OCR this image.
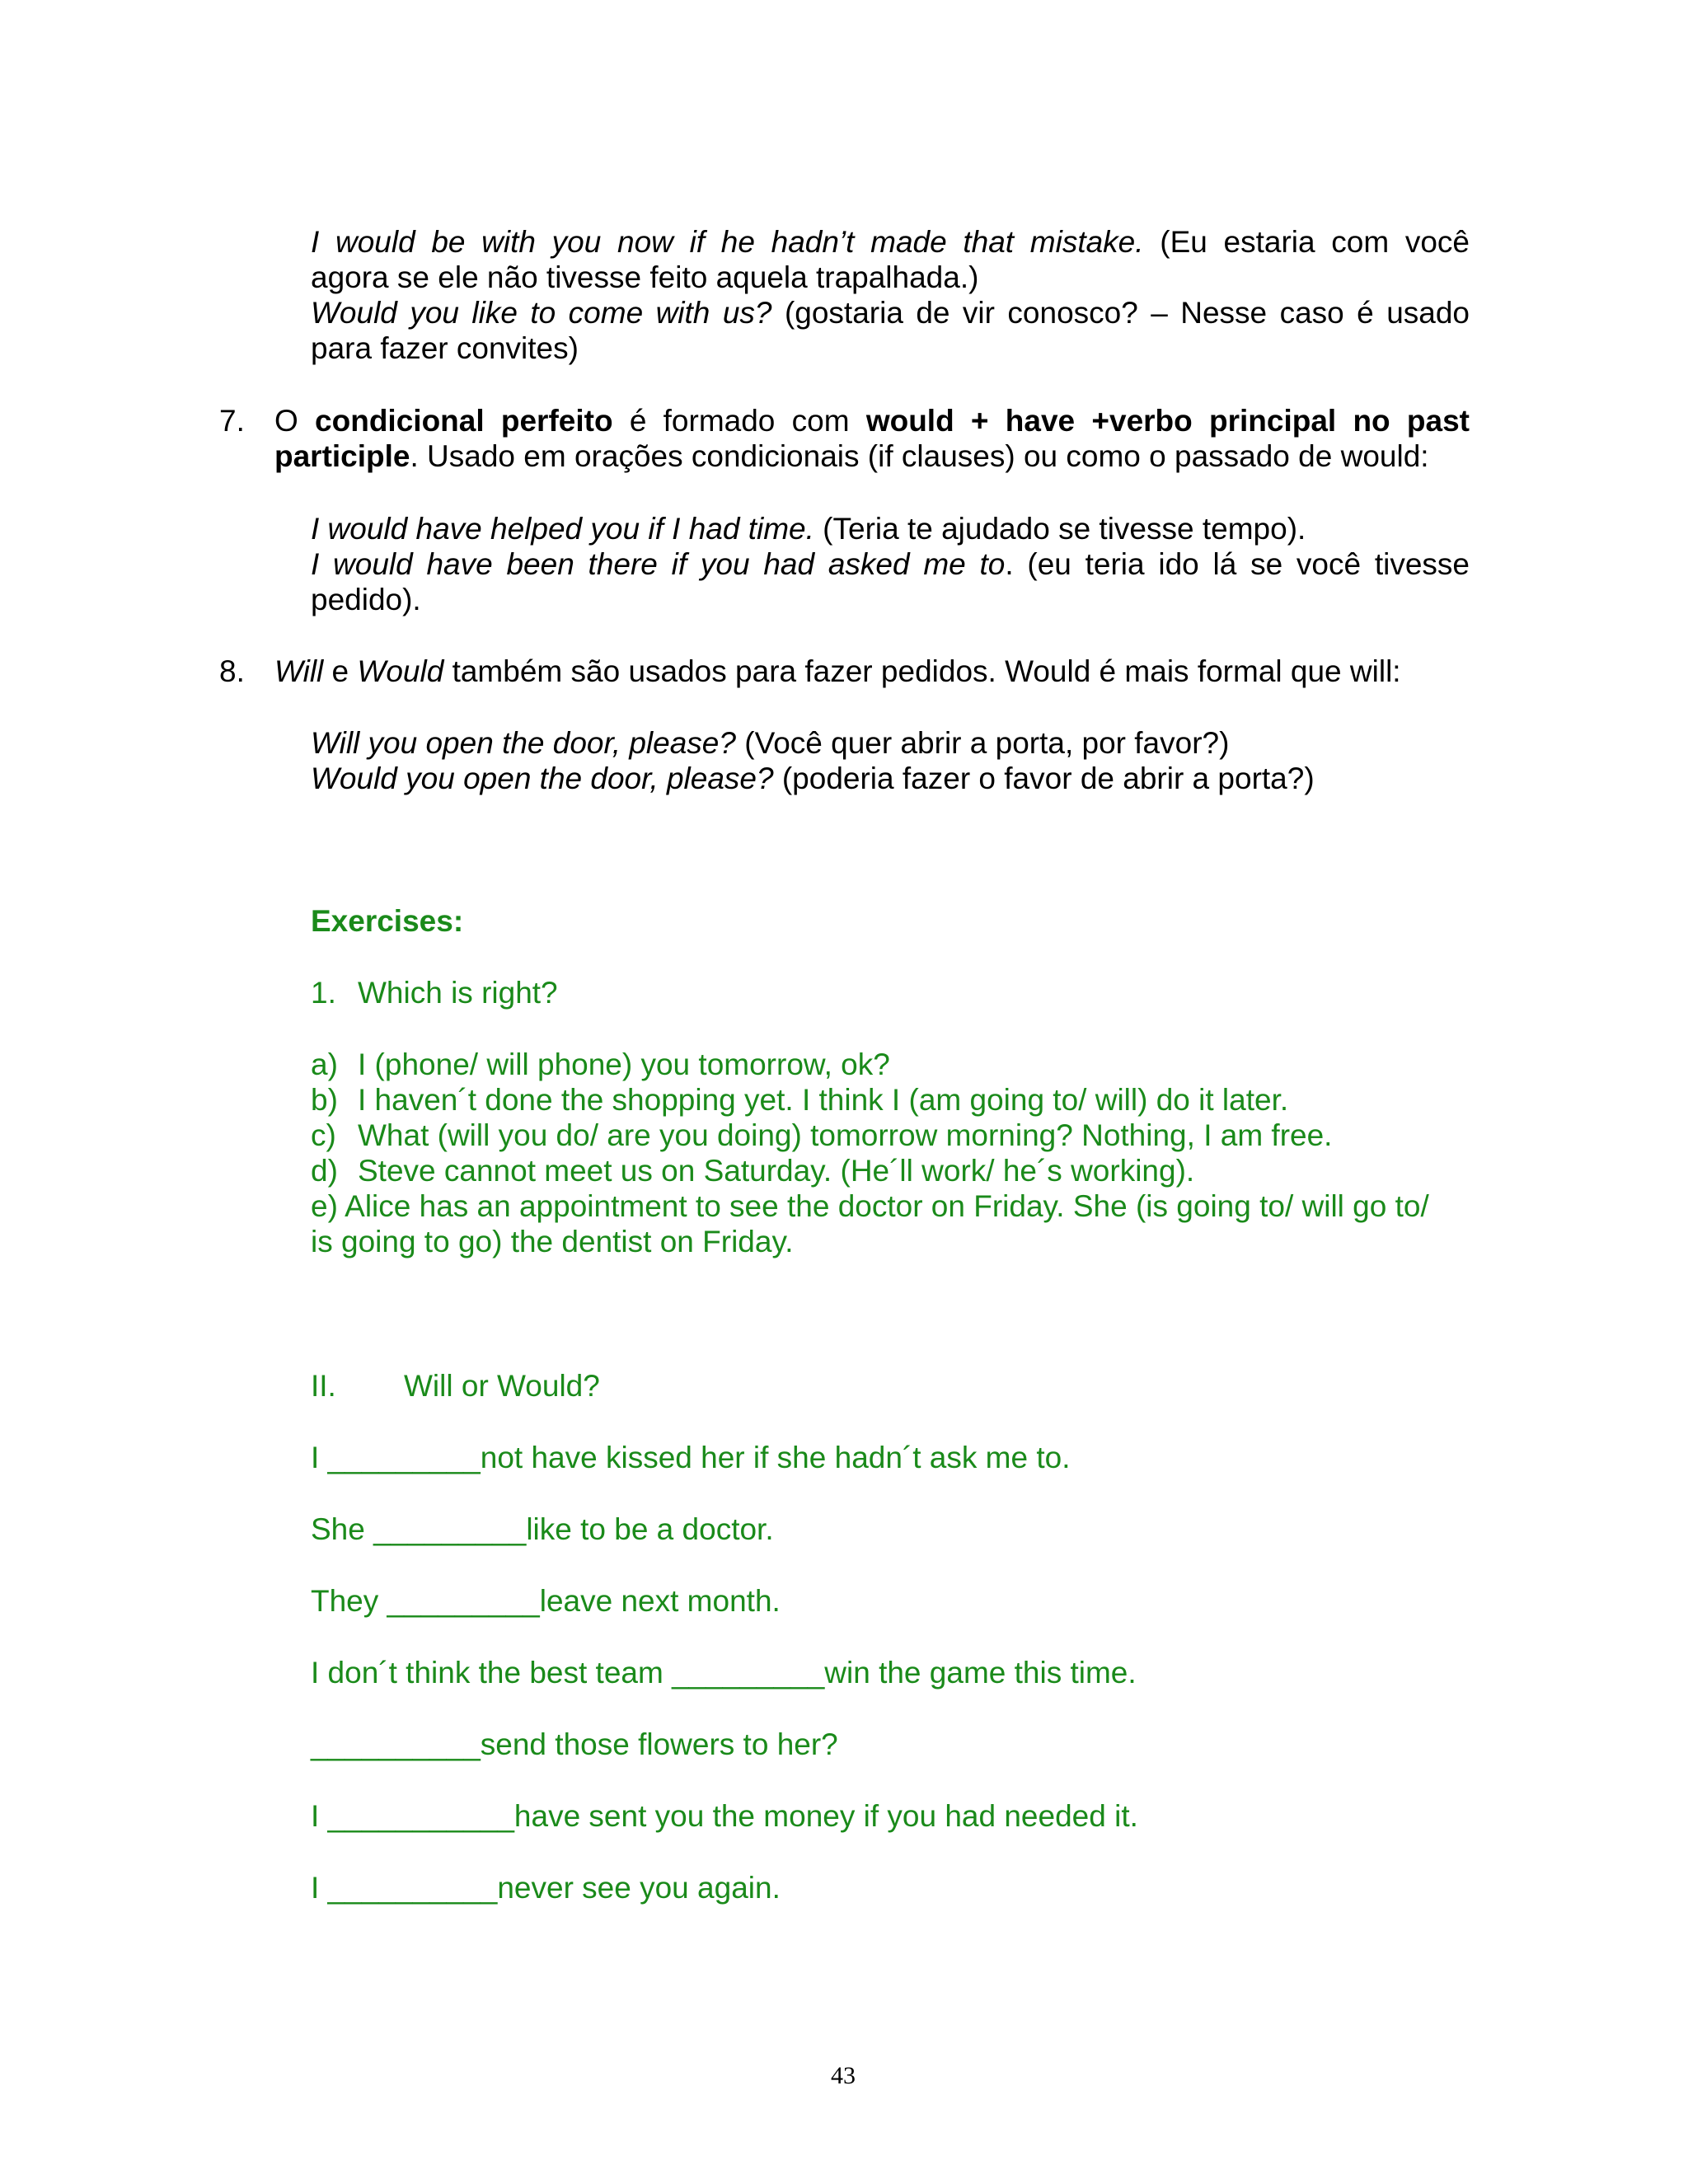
I would be with you now if he hadn’t made that mistake. (Eu estaria com você
agora se ele não tivesse feito aquela trapalhada.)
Would you like to come with us? (gostaria de vir conosco? – Nesse caso é usado
para fazer convites)
7. O condicional perfeito é formado com would + have +verbo principal no past
participle. Usado em orações condicionais (if clauses) ou como o passado de would:
I would have helped you if I had time. (Teria te ajudado se tivesse tempo).
I would have been there if you had asked me to. (eu teria ido lá se você tivesse
pedido).
8. Will e Would também são usados para fazer pedidos. Would é mais formal que will:
Will you open the door, please? (Você quer abrir a porta, por favor?)
Would you open the door, please? (poderia fazer o favor de abrir a porta?)
Exercises:
1. Which is right?
a) I (phone/ will phone) you tomorrow, ok?
b) I haven´t done the shopping yet. I think I (am going to/ will) do it later.
c) What (will you do/ are you doing) tomorrow morning? Nothing, I am free.
d) Steve cannot meet us on Saturday. (He´ll work/ he´s working).
e) Alice has an appointment to see the doctor on Friday. She (is going to/ will go to/
is going to go) the dentist on Friday.
II. Will or Would?
I _________not have kissed her if she hadn´t ask me to.
She _________like to be a doctor.
They _________leave next month.
I don´t think the best team _________win the game this time.
__________send those flowers to her?
I ___________have sent you the money if you had needed it.
I __________never see you again.
43
